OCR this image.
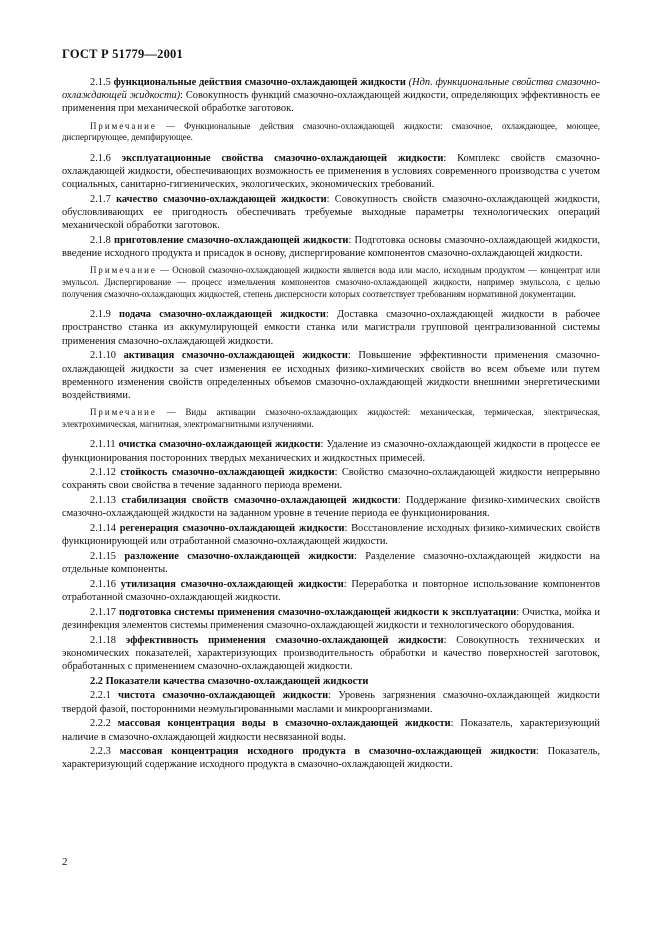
ГОСТ Р 51779—2001
2.1.5 функциональные действия смазочно-охлаждающей жидкости (Ндп. функциональные свойства смазочно-охлаждающей жидкости): Совокупность функций смазочно-охлаждающей жидкости, определяющих эффективность ее применения при механической обработке заготовок.
Примечание — Функциональные действия смазочно-охлаждающей жидкости: смазочное, охлаждающее, моющее, диспергирующее, демпфирующее.
2.1.6 эксплуатационные свойства смазочно-охлаждающей жидкости: Комплекс свойств смазочно-охлаждающей жидкости, обеспечивающих возможность ее применения в условиях современного производства с учетом социальных, санитарно-гигиенических, экологических, экономических требований.
2.1.7 качество смазочно-охлаждающей жидкости: Совокупность свойств смазочно-охлаждающей жидкости, обусловливающих ее пригодность обеспечивать требуемые выходные параметры технологических операций механической обработки заготовок.
2.1.8 приготовление смазочно-охлаждающей жидкости: Подготовка основы смазочно-охлаждающей жидкости, введение исходного продукта и присадок в основу, диспергирование компонентов смазочно-охлаждающей жидкости.
Примечание — Основой смазочно-охлаждающей жидкости является вода или масло, исходным продуктом — концентрат или эмульсол. Диспергирование — процесс измельчения компонентов смазочно-охлаждающей жидкости, например эмульсола, с целью получения смазочно-охлаждающих жидкостей, степень дисперсности которых соответствует требованиям нормативной документации.
2.1.9 подача смазочно-охлаждающей жидкости: Доставка смазочно-охлаждающей жидкости в рабочее пространство станка из аккумулирующей емкости станка или магистрали групповой централизованной системы применения смазочно-охлаждающей жидкости.
2.1.10 активация смазочно-охлаждающей жидкости: Повышение эффективности применения смазочно-охлаждающей жидкости за счет изменения ее исходных физико-химических свойств во всем объеме или путем временного изменения свойств определенных объемов смазочно-охлаждающей жидкости внешними энергетическими воздействиями.
Примечание — Виды активации смазочно-охлаждающих жидкостей: механическая, термическая, электрическая, электрохимическая, магнитная, электромагнитными излучениями.
2.1.11 очистка смазочно-охлаждающей жидкости: Удаление из смазочно-охлаждающей жидкости в процессе ее функционирования посторонних твердых механических и жидкостных примесей.
2.1.12 стойкость смазочно-охлаждающей жидкости: Свойство смазочно-охлаждающей жидкости непрерывно сохранять свои свойства в течение заданного периода времени.
2.1.13 стабилизация свойств смазочно-охлаждающей жидкости: Поддержание физико-химических свойств смазочно-охлаждающей жидкости на заданном уровне в течение периода ее функционирования.
2.1.14 регенерация смазочно-охлаждающей жидкости: Восстановление исходных физико-химических свойств функционирующей или отработанной смазочно-охлаждающей жидкости.
2.1.15 разложение смазочно-охлаждающей жидкости: Разделение смазочно-охлаждающей жидкости на отдельные компоненты.
2.1.16 утилизация смазочно-охлаждающей жидкости: Переработка и повторное использование компонентов отработанной смазочно-охлаждающей жидкости.
2.1.17 подготовка системы применения смазочно-охлаждающей жидкости к эксплуатации: Очистка, мойка и дезинфекция элементов системы применения смазочно-охлаждающей жидкости и технологического оборудования.
2.1.18 эффективность применения смазочно-охлаждающей жидкости: Совокупность технических и экономических показателей, характеризующих производительность обработки и качество поверхностей заготовок, обработанных с применением смазочно-охлаждающей жидкости.
2.2 Показатели качества смазочно-охлаждающей жидкости
2.2.1 чистота смазочно-охлаждающей жидкости: Уровень загрязнения смазочно-охлаждающей жидкости твердой фазой, посторонними неэмульгированными маслами и микроорганизмами.
2.2.2 массовая концентрация воды в смазочно-охлаждающей жидкости: Показатель, характеризующий наличие в смазочно-охлаждающей жидкости несвязанной воды.
2.2.3 массовая концентрация исходного продукта в смазочно-охлаждающей жидкости: Показатель, характеризующий содержание исходного продукта в смазочно-охлаждающей жидкости.
2
